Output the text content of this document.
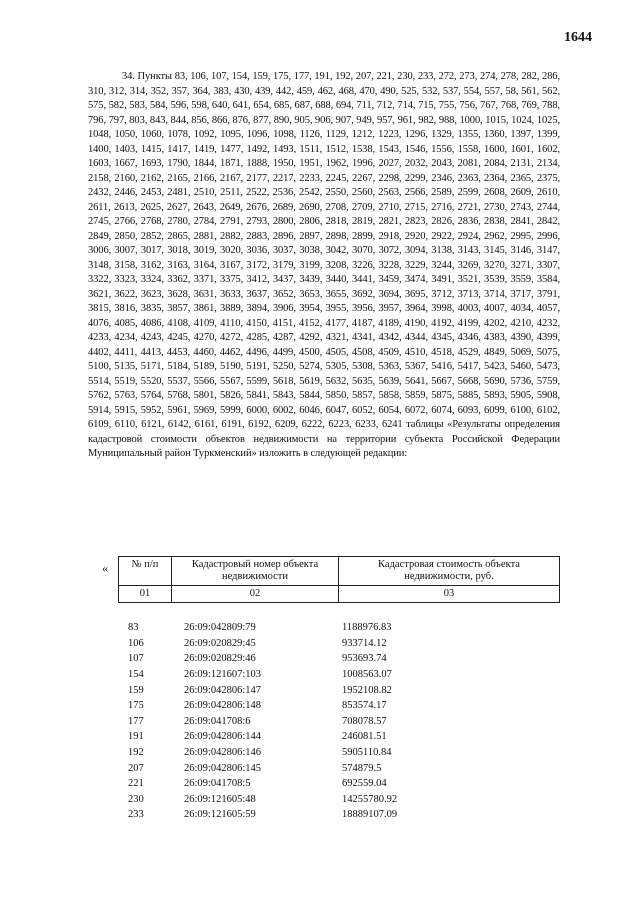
1644
34. Пункты 83, 106, 107, 154, 159, 175, 177, 191, 192, 207, 221, 230, 233, 272, 273, 274, 278, 282, 286, 310, 312, 314, 352, 357, 364, 383, 430, 439, 442, 459, 462, 468, 470, 490, 525, 532, 537, 554, 557, 58, 561, 562, 575, 582, 583, 584, 596, 598, 640, 641, 654, 685, 687, 688, 694, 711, 712, 714, 715, 755, 756, 767, 768, 769, 788, 796, 797, 803, 843, 844, 856, 866, 876, 877, 890, 905, 906, 907, 949, 957, 961, 982, 988, 1000, 1015, 1024, 1025, 1048, 1050, 1060, 1078, 1092, 1095, 1096, 1098, 1126, 1129, 1212, 1223, 1296, 1329, 1355, 1360, 1397, 1399, 1400, 1403, 1415, 1417, 1419, 1477, 1492, 1493, 1511, 1512, 1538, 1543, 1546, 1556, 1558, 1600, 1601, 1602, 1603, 1667, 1693, 1790, 1844, 1871, 1888, 1950, 1951, 1962, 1996, 2027, 2032, 2043, 2081, 2084, 2131, 2134, 2158, 2160, 2162, 2165, 2166, 2167, 2177, 2217, 2233, 2245, 2267, 2298, 2299, 2346, 2363, 2364, 2365, 2375, 2432, 2446, 2453, 2481, 2510, 2511, 2522, 2536, 2542, 2550, 2560, 2563, 2566, 2589, 2599, 2608, 2609, 2610, 2611, 2613, 2625, 2627, 2643, 2649, 2676, 2689, 2690, 2708, 2709, 2710, 2715, 2716, 2721, 2730, 2743, 2744, 2745, 2766, 2768, 2780, 2784, 2791, 2793, 2800, 2806, 2818, 2819, 2821, 2823, 2826, 2836, 2838, 2841, 2842, 2849, 2850, 2852, 2865, 2881, 2882, 2883, 2896, 2897, 2898, 2899, 2918, 2920, 2922, 2924, 2962, 2995, 2996, 3006, 3007, 3017, 3018, 3019, 3020, 3036, 3037, 3038, 3042, 3070, 3072, 3094, 3138, 3143, 3145, 3146, 3147, 3148, 3158, 3162, 3163, 3164, 3167, 3172, 3179, 3199, 3208, 3226, 3228, 3229, 3244, 3269, 3270, 3271, 3307, 3322, 3323, 3324, 3362, 3371, 3375, 3412, 3437, 3439, 3440, 3441, 3459, 3474, 3491, 3521, 3539, 3559, 3584, 3621, 3622, 3623, 3628, 3631, 3633, 3637, 3652, 3653, 3655, 3692, 3694, 3695, 3712, 3713, 3714, 3717, 3791, 3815, 3816, 3835, 3857, 3861, 3889, 3894, 3906, 3954, 3955, 3956, 3957, 3964, 3998, 4003, 4007, 4034, 4057, 4076, 4085, 4086, 4108, 4109, 4110, 4150, 4151, 4152, 4177, 4187, 4189, 4190, 4192, 4199, 4202, 4210, 4232, 4233, 4234, 4243, 4245, 4270, 4272, 4285, 4287, 4292, 4321, 4341, 4342, 4344, 4345, 4346, 4383, 4390, 4399, 4402, 4411, 4413, 4453, 4460, 4462, 4496, 4499, 4500, 4505, 4508, 4509, 4510, 4518, 4529, 4849, 5069, 5075, 5100, 5135, 5171, 5184, 5189, 5190, 5191, 5250, 5274, 5305, 5308, 5363, 5367, 5416, 5417, 5423, 5460, 5473, 5514, 5519, 5520, 5537, 5566, 5567, 5599, 5618, 5619, 5632, 5635, 5639, 5641, 5667, 5668, 5690, 5736, 5759, 5762, 5763, 5764, 5768, 5801, 5826, 5841, 5843, 5844, 5850, 5857, 5858, 5859, 5875, 5885, 5893, 5905, 5908, 5914, 5915, 5952, 5961, 5969, 5999, 6000, 6002, 6046, 6047, 6052, 6054, 6072, 6074, 6093, 6099, 6100, 6102, 6109, 6110, 6121, 6142, 6161, 6191, 6192, 6209, 6222, 6223, 6233, 6241 таблицы «Результаты определения кадастровой стоимости объектов недвижимости на территории субъекта Российской Федерации Муниципальный район Туркменский» изложить в следующей редакции:
« № п/п	Кадастровый номер объекта недвижимости	Кадастровая стоимость объекта недвижимости, руб.
01	02	03
83	26:09:042809:79	1188976.83
106	26:09:020829:45	933714.12
107	26:09:020829:46	953693.74
154	26:09:121607:103	1008563.07
159	26:09:042806:147	1952108.82
175	26:09:042806:148	853574.17
177	26:09:041708:6	708078.57
191	26:09:042806:144	246081.51
192	26:09:042806:146	5905110.84
207	26:09:042806:145	574879.5
221	26:09:041708:5	692559.04
230	26:09:121605:48	14255780.92
233	26:09:121605:59	18889107.09
